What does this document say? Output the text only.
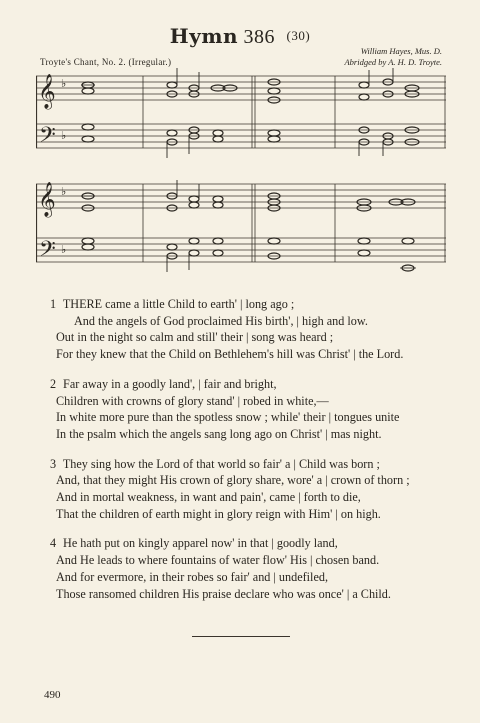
Hymn 386 (30)
Troyte's Chant, No. 2. (Irregular.)
William Hayes, Mus. D.
Abridged by A. H. D. Troyte.
𝄞
𝄢
♭
♭
𝄞
𝄢
♭
♭
1 THERE came a little Child to earth' | long ago ;
And the angels of God proclaimed His birth', | high and low.
Out in the night so calm and still' their | song was heard ;
For they knew that the Child on Bethlehem's hill was Christ' | the Lord.
2 Far away in a goodly land', | fair and bright,
Children with crowns of glory stand' | robed in white,—
In white more pure than the spotless snow ; while' their | tongues unite
In the psalm which the angels sang long ago on Christ' | mas night.
3 They sing how the Lord of that world so fair' a | Child was born ;
And, that they might His crown of glory share, wore' a | crown of thorn ;
And in mortal weakness, in want and pain', came | forth to die,
That the children of earth might in glory reign with Him' | on high.
4 He hath put on kingly apparel now' in that | goodly land,
And He leads to where fountains of water flow' His | chosen band.
And for evermore, in their robes so fair' and | undefiled,
Those ransomed children His praise declare who was once' | a Child.
490
